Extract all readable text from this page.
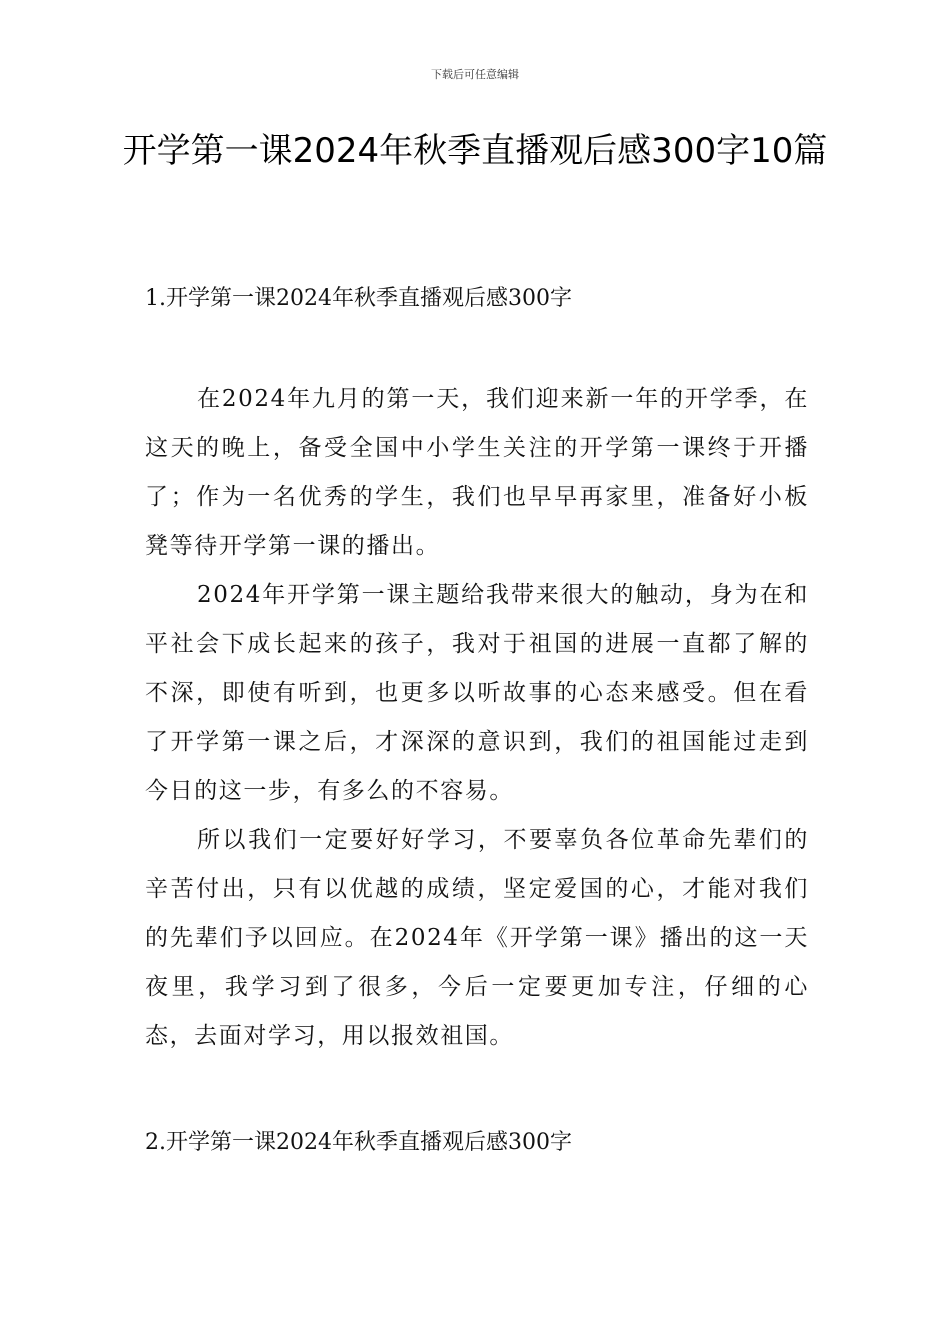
下载后可任意编辑
开学第一课2024年秋季直播观后感300字10篇
1.开学第一课2024年秋季直播观后感300字

在2024年九月的第一天，我们迎来新一年的开学季，在这天的晚上，备受全国中小学生关注的开学第一课终于开播了；作为一名优秀的学生，我们也早早再家里，准备好小板凳等待开学第一课的播出。

2024年开学第一课主题给我带来很大的触动，身为在和平社会下成长起来的孩子，我对于祖国的进展一直都了解的不深，即使有听到，也更多以听故事的心态来感受。但在看了开学第一课之后，才深深的意识到，我们的祖国能过走到今日的这一步，有多么的不容易。

所以我们一定要好好学习，不要辜负各位革命先辈们的辛苦付出，只有以优越的成绩，坚定爱国的心，才能对我们的先辈们予以回应。在2024年《开学第一课》播出的这一天夜里，我学习到了很多，今后一定要更加专注，仔细的心态，去面对学习，用以报效祖国。

2.开学第一课2024年秋季直播观后感300字
